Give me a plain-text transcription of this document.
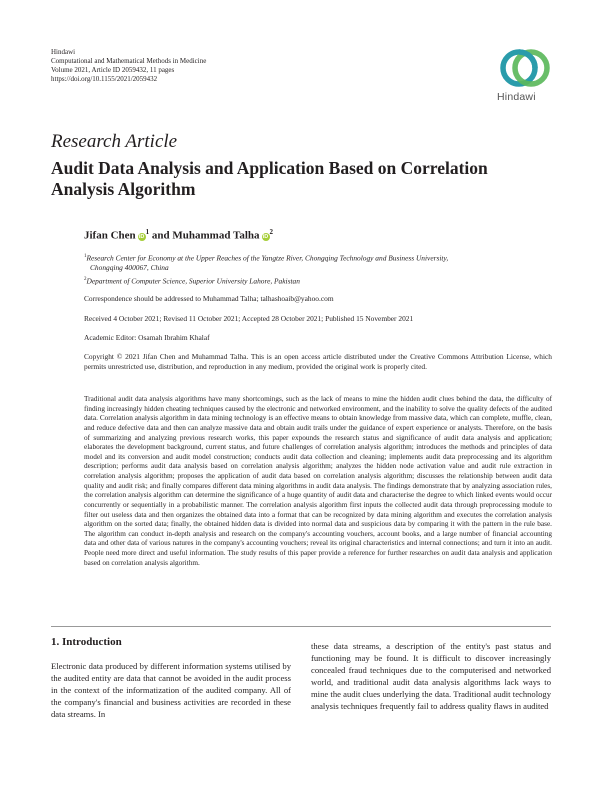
Hindawi
Computational and Mathematical Methods in Medicine
Volume 2021, Article ID 2059432, 11 pages
https://doi.org/10.1155/2021/2059432
Hindawi
Research Article
Audit Data Analysis and Application Based on Correlation Analysis Algorithm
Jifan Chen $iD^1$ and Muhammad Talha $iD^2$
$^1$Research Center for Economy at the Upper Reaches of the Yangtze River, Chongqing Technology and Business University,
Chongqing 400067, China
$^2$Department of Computer Science, Superior University Lahore, Pakistan
Correspondence should be addressed to Muhammad Talha; talhashoaib@yahoo.com
Received 4 October 2021; Revised 11 October 2021; Accepted 28 October 2021; Published 15 November 2021
Academic Editor: Osamah Ibrahim Khalaf
Copyright © 2021 Jifan Chen and Muhammad Talha. This is an open access article distributed under the Creative Commons Attribution License, which permits unrestricted use, distribution, and reproduction in any medium, provided the original work is properly cited.
Traditional audit data analysis algorithms have many shortcomings, such as the lack of means to mine the hidden audit clues behind the data, the difficulty of finding increasingly hidden cheating techniques caused by the electronic and networked environment, and the inability to solve the quality defects of the audited data. Correlation analysis algorithm in data mining technology is an effective means to obtain knowledge from massive data, which can complete, muffle, clean, and reduce defective data and then can analyze massive data and obtain audit trails under the guidance of expert experience or analysts. Therefore, on the basis of summarizing and analyzing previous research works, this paper expounds the research status and significance of audit data analysis and application; elaborates the development background, current status, and future challenges of correlation analysis algorithm; introduces the methods and principles of data model and its conversion and audit model construction; conducts audit data collection and cleaning; implements audit data preprocessing and its algorithm description; performs audit data analysis based on correlation analysis algorithm; analyzes the hidden node activation value and audit rule extraction in correlation analysis algorithm; proposes the application of audit data based on correlation analysis algorithm; discusses the relationship between audit data quality and audit risk; and finally compares different data mining algorithms in audit data analysis. The findings demonstrate that by analyzing association rules, the correlation analysis algorithm can determine the significance of a huge quantity of audit data and characterise the degree to which linked events would occur concurrently or sequentially in a probabilistic manner. The correlation analysis algorithm first inputs the collected audit data through preprocessing module to filter out useless data and then organizes the obtained data into a format that can be recognized by data mining algorithm and executes the correlation analysis algorithm on the sorted data; finally, the obtained hidden data is divided into normal data and suspicious data by comparing it with the pattern in the rule base. The algorithm can conduct in-depth analysis and research on the company's accounting vouchers, account books, and a large number of financial accounting data and other data of various natures in the company's accounting vouchers; reveal its original characteristics and internal connections; and turn it into an audit. People need more direct and useful information. The study results of this paper provide a reference for further researches on audit data analysis and application based on correlation analysis algorithm.
1. Introduction
Electronic data produced by different information systems utilised by the audited entity are data that cannot be avoided in the audit process in the context of the informatization of the audited company. All of the company's financial and business activities are recorded in these data streams. In
these data streams, a description of the entity's past status and functioning may be found. It is difficult to discover increasingly concealed fraud techniques due to the computerised and networked world, and traditional audit data analysis algorithms lack ways to mine the audit clues underlying the data. Traditional audit technology analysis techniques frequently fail to address quality flaws in audited
